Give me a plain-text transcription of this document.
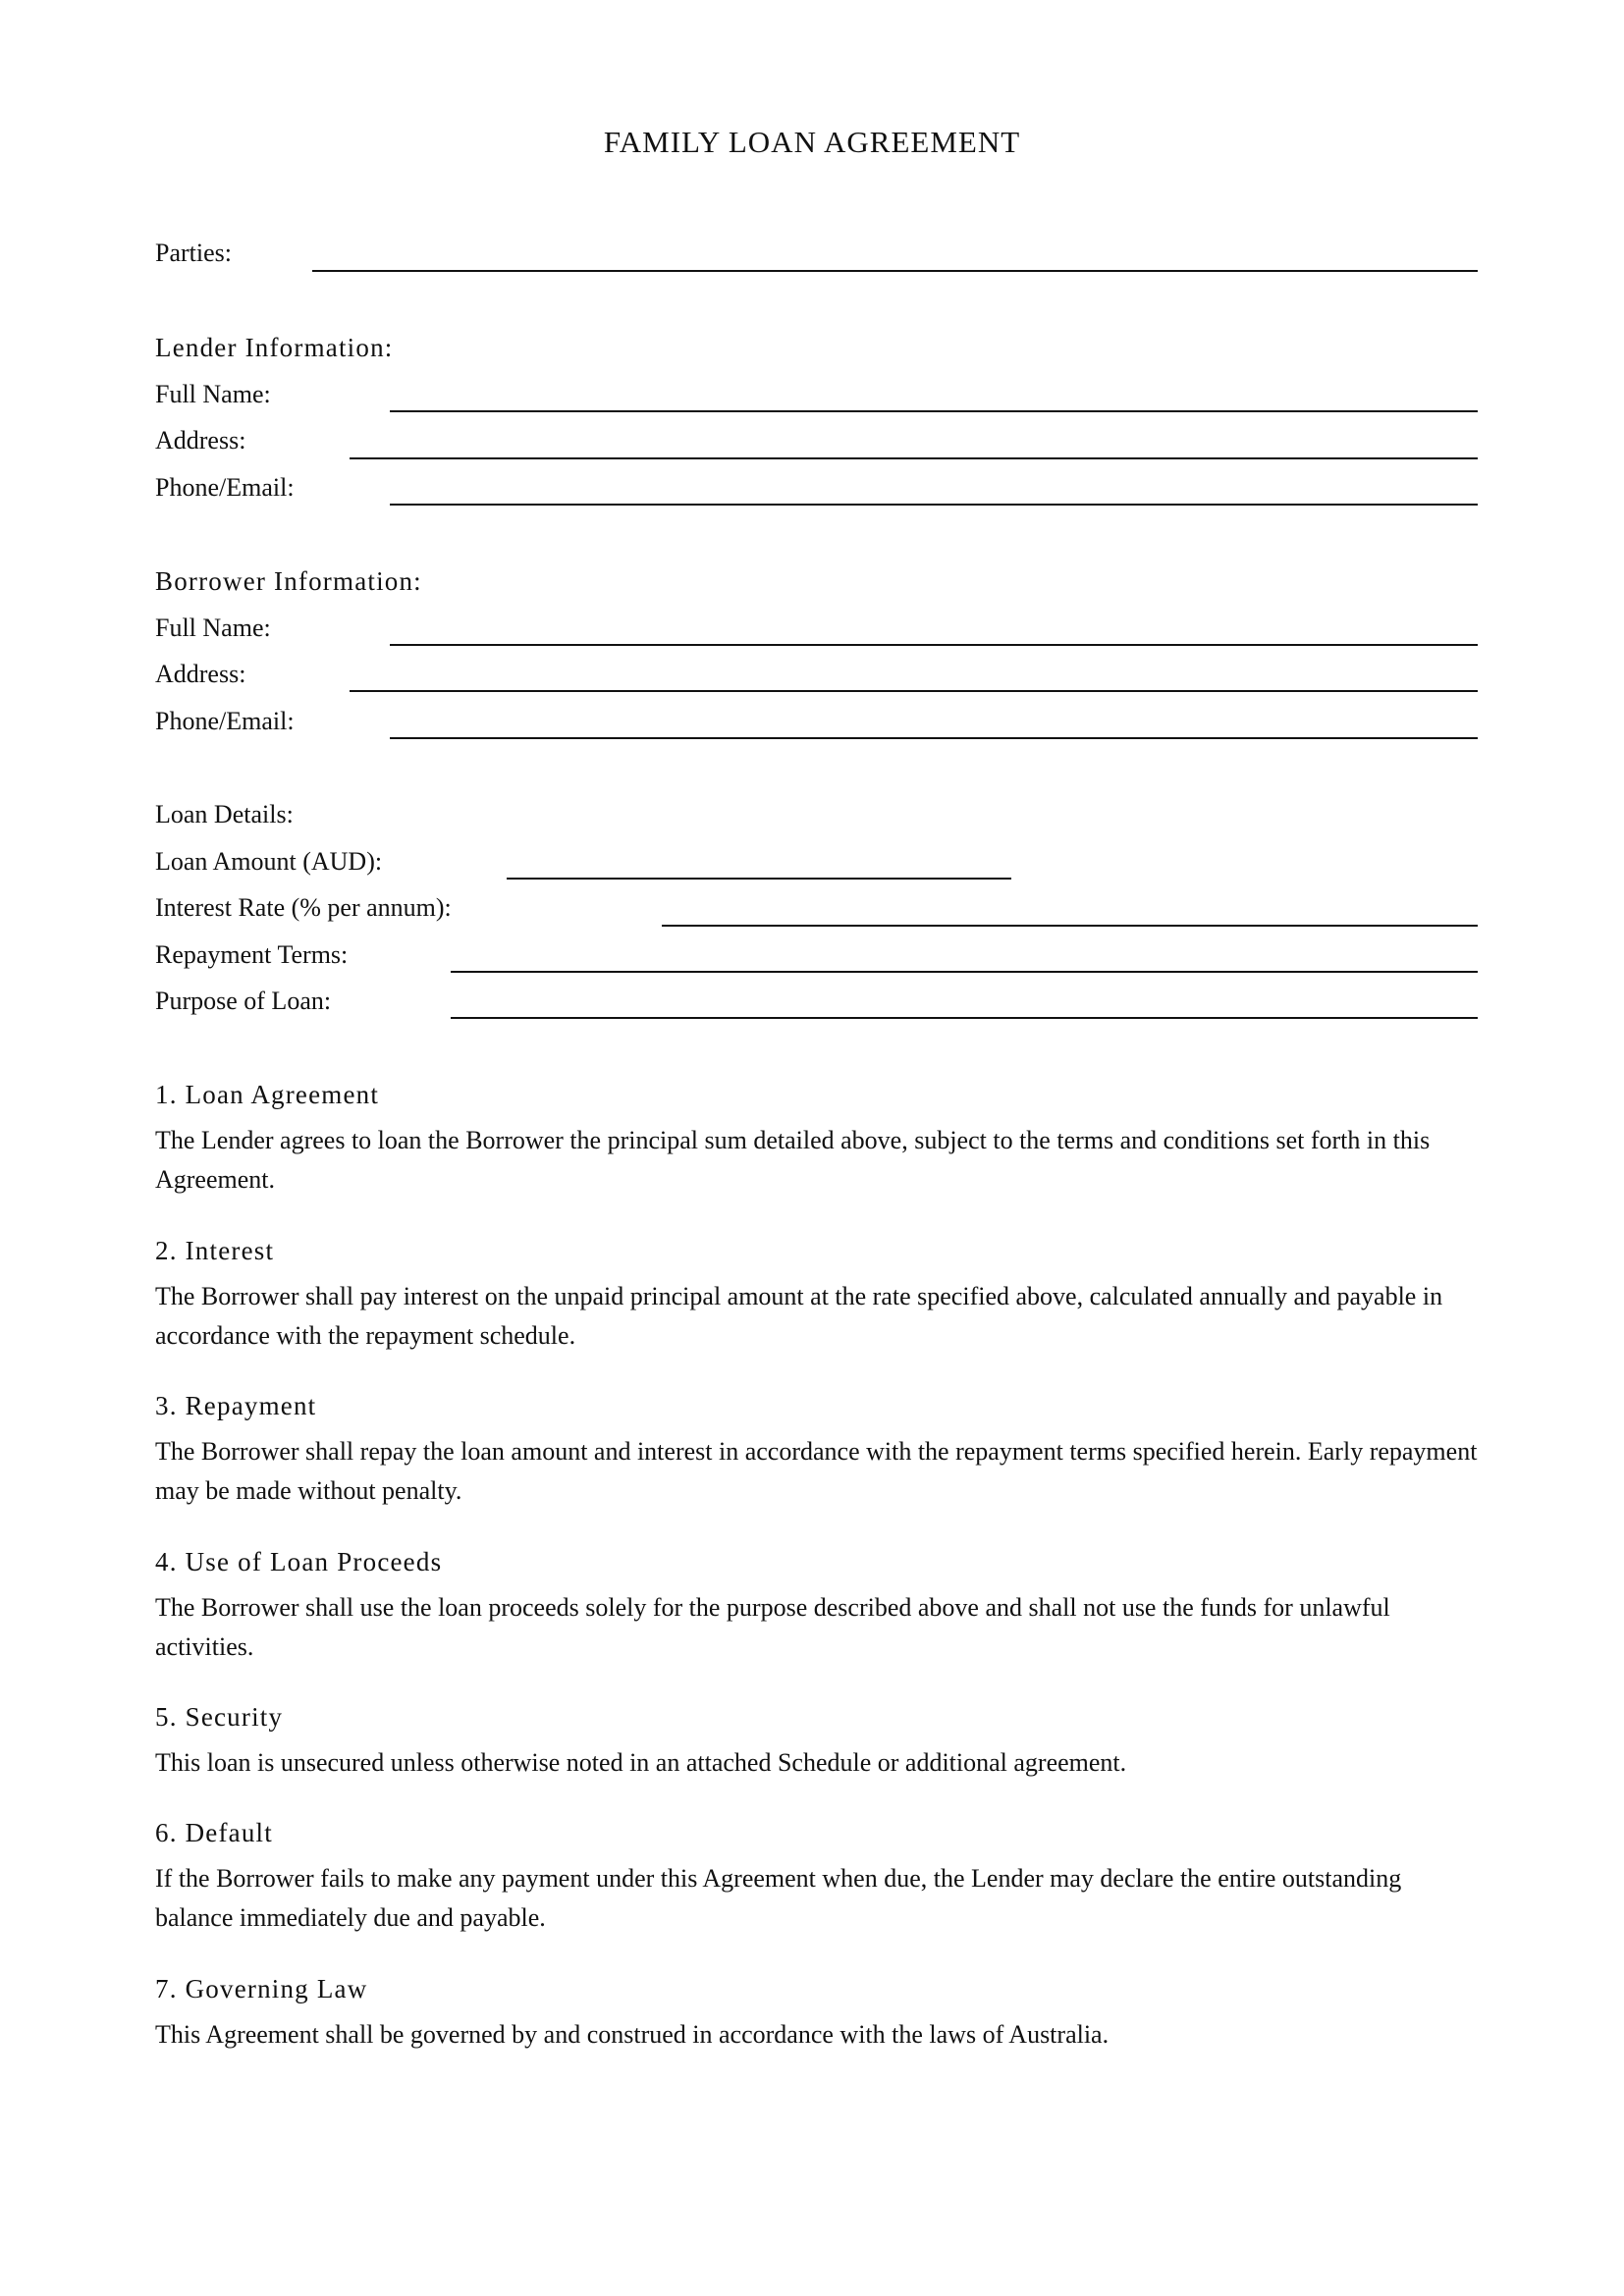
FAMILY LOAN AGREEMENT
Parties:
Lender Information:
Full Name:
Address:
Phone/Email:
Borrower Information:
Full Name:
Address:
Phone/Email:
Loan Details:
Loan Amount (AUD):
Interest Rate (% per annum):
Repayment Terms:
Purpose of Loan:
1. Loan Agreement
The Lender agrees to loan the Borrower the principal sum detailed above, subject to the terms and conditions set forth in this Agreement.
2. Interest
The Borrower shall pay interest on the unpaid principal amount at the rate specified above, calculated annually and payable in accordance with the repayment schedule.
3. Repayment
The Borrower shall repay the loan amount and interest in accordance with the repayment terms specified herein. Early repayment may be made without penalty.
4. Use of Loan Proceeds
The Borrower shall use the loan proceeds solely for the purpose described above and shall not use the funds for unlawful activities.
5. Security
This loan is unsecured unless otherwise noted in an attached Schedule or additional agreement.
6. Default
If the Borrower fails to make any payment under this Agreement when due, the Lender may declare the entire outstanding balance immediately due and payable.
7. Governing Law
This Agreement shall be governed by and construed in accordance with the laws of Australia.
